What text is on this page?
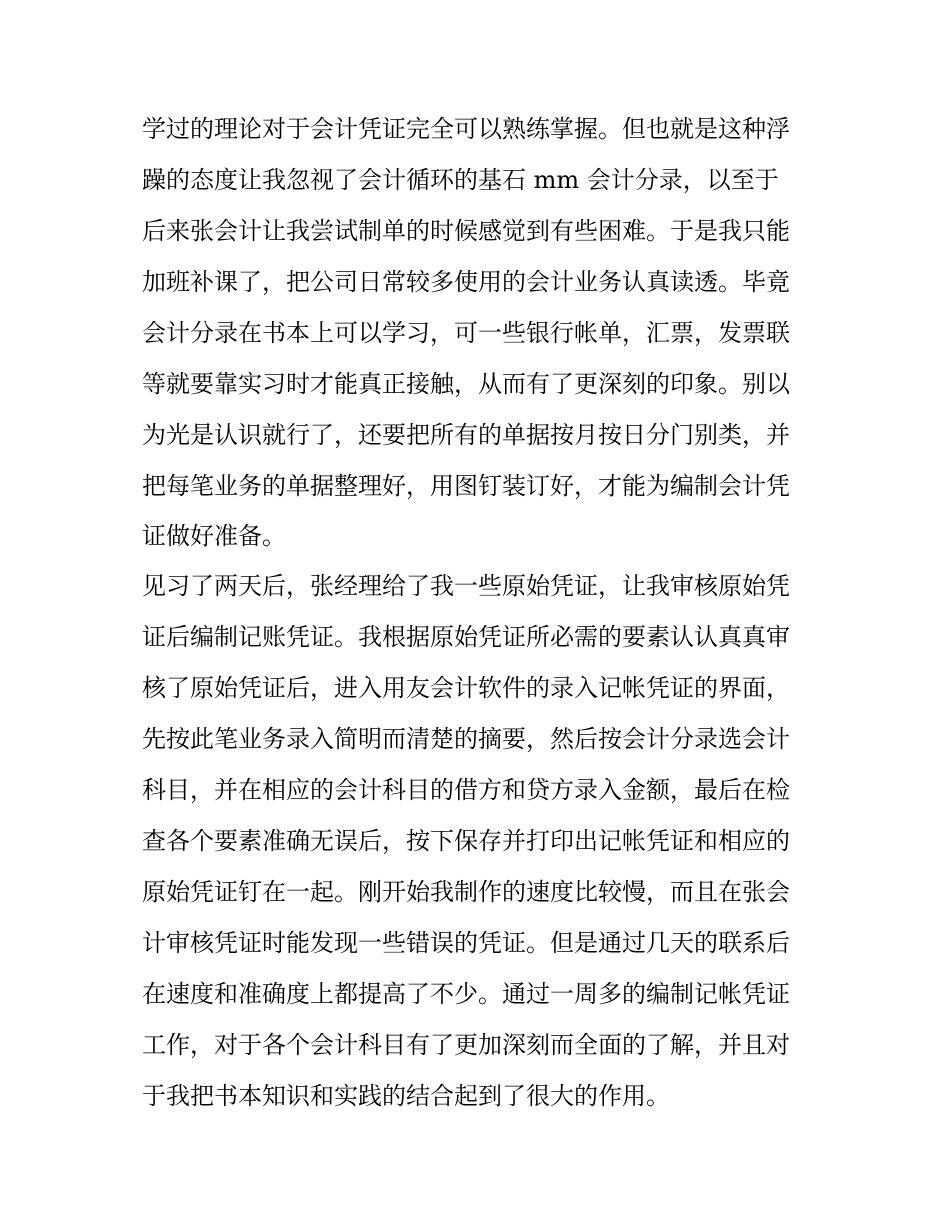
学过的理论对于会计凭证完全可以熟练掌握。但也就是这种浮
躁的态度让我忽视了会计循环的基石 mm 会计分录，以至于
后来张会计让我尝试制单的时候感觉到有些困难。于是我只能
加班补课了，把公司日常较多使用的会计业务认真读透。毕竟
会计分录在书本上可以学习，可一些银行帐单，汇票，发票联
等就要靠实习时才能真正接触，从而有了更深刻的印象。别以
为光是认识就行了，还要把所有的单据按月按日分门别类，并
把每笔业务的单据整理好，用图钉装订好，才能为编制会计凭
证做好准备。
见习了两天后，张经理给了我一些原始凭证，让我审核原始凭
证后编制记账凭证。我根据原始凭证所必需的要素认认真真审
核了原始凭证后，进入用友会计软件的录入记帐凭证的界面，
先按此笔业务录入简明而清楚的摘要，然后按会计分录选会计
科目，并在相应的会计科目的借方和贷方录入金额，最后在检
查各个要素准确无误后，按下保存并打印出记帐凭证和相应的
原始凭证钉在一起。刚开始我制作的速度比较慢，而且在张会
计审核凭证时能发现一些错误的凭证。但是通过几天的联系后
在速度和准确度上都提高了不少。通过一周多的编制记帐凭证
工作，对于各个会计科目有了更加深刻而全面的了解，并且对
于我把书本知识和实践的结合起到了很大的作用。
